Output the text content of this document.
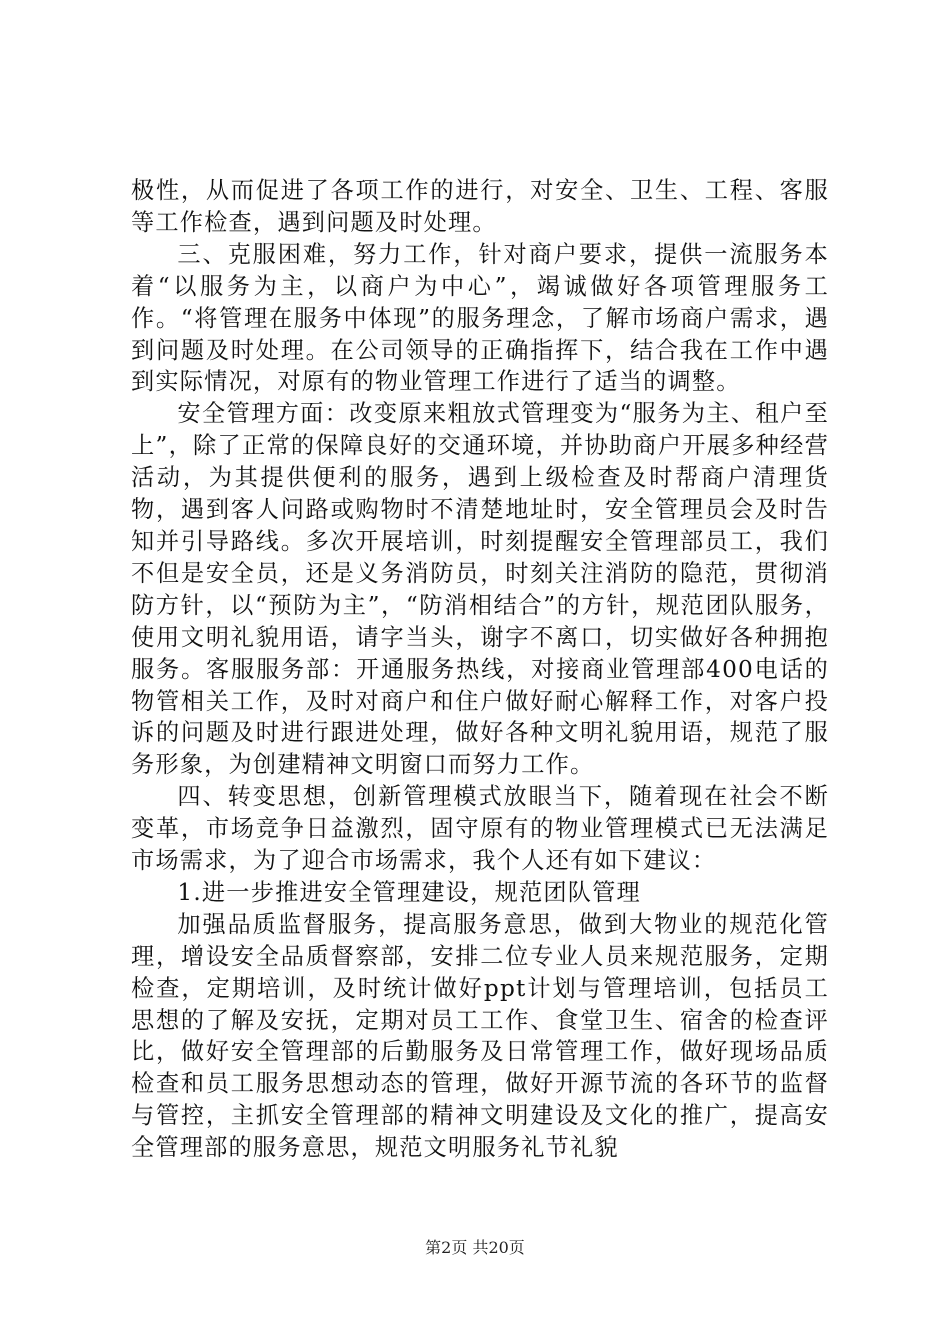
极性，从而促进了各项工作的进行，对安全、卫生、工程、客服等工作检查，遇到问题及时处理。

三、克服困难，努力工作，针对商户要求，提供一流服务本着“以服务为主，以商户为中心”，竭诚做好各项管理服务工作。“将管理在服务中体现”的服务理念，了解市场商户需求，遇到问题及时处理。在公司领导的正确指挥下，结合我在工作中遇到实际情况，对原有的物业管理工作进行了适当的调整。

安全管理方面：改变原来粗放式管理变为“服务为主、租户至上”，除了正常的保障良好的交通环境，并协助商户开展多种经营活动，为其提供便利的服务，遇到上级检查及时帮商户清理货物，遇到客人问路或购物时不清楚地址时，安全管理员会及时告知并引导路线。多次开展培训，时刻提醒安全管理部员工，我们不但是安全员，还是义务消防员，时刻关注消防的隐范，贯彻消防方针，以“预防为主”，“防消相结合”的方针，规范团队服务，使用文明礼貌用语，请字当头，谢字不离口，切实做好各种拥抱服务。客服服务部：开通服务热线，对接商业管理部400电话的物管相关工作，及时对商户和住户做好耐心解释工作，对客户投诉的问题及时进行跟进处理，做好各种文明礼貌用语，规范了服务形象，为创建精神文明窗口而努力工作。

四、转变思想，创新管理模式放眼当下，随着现在社会不断变革，市场竞争日益激烈，固守原有的物业管理模式已无法满足市场需求，为了迎合市场需求，我个人还有如下建议：

1.进一步推进安全管理建设，规范团队管理

加强品质监督服务，提高服务意思，做到大物业的规范化管理，增设安全品质督察部，安排二位专业人员来规范服务，定期检查，定期培训，及时统计做好ppt计划与管理培训，包括员工思想的了解及安抚，定期对员工工作、食堂卫生、宿舍的检查评比，做好安全管理部的后勤服务及日常管理工作，做好现场品质检查和员工服务思想动态的管理，做好开源节流的各环节的监督与管控，主抓安全管理部的精神文明建设及文化的推广，提高安全管理部的服务意思，规范文明服务礼节礼貌

第2页 共20页
